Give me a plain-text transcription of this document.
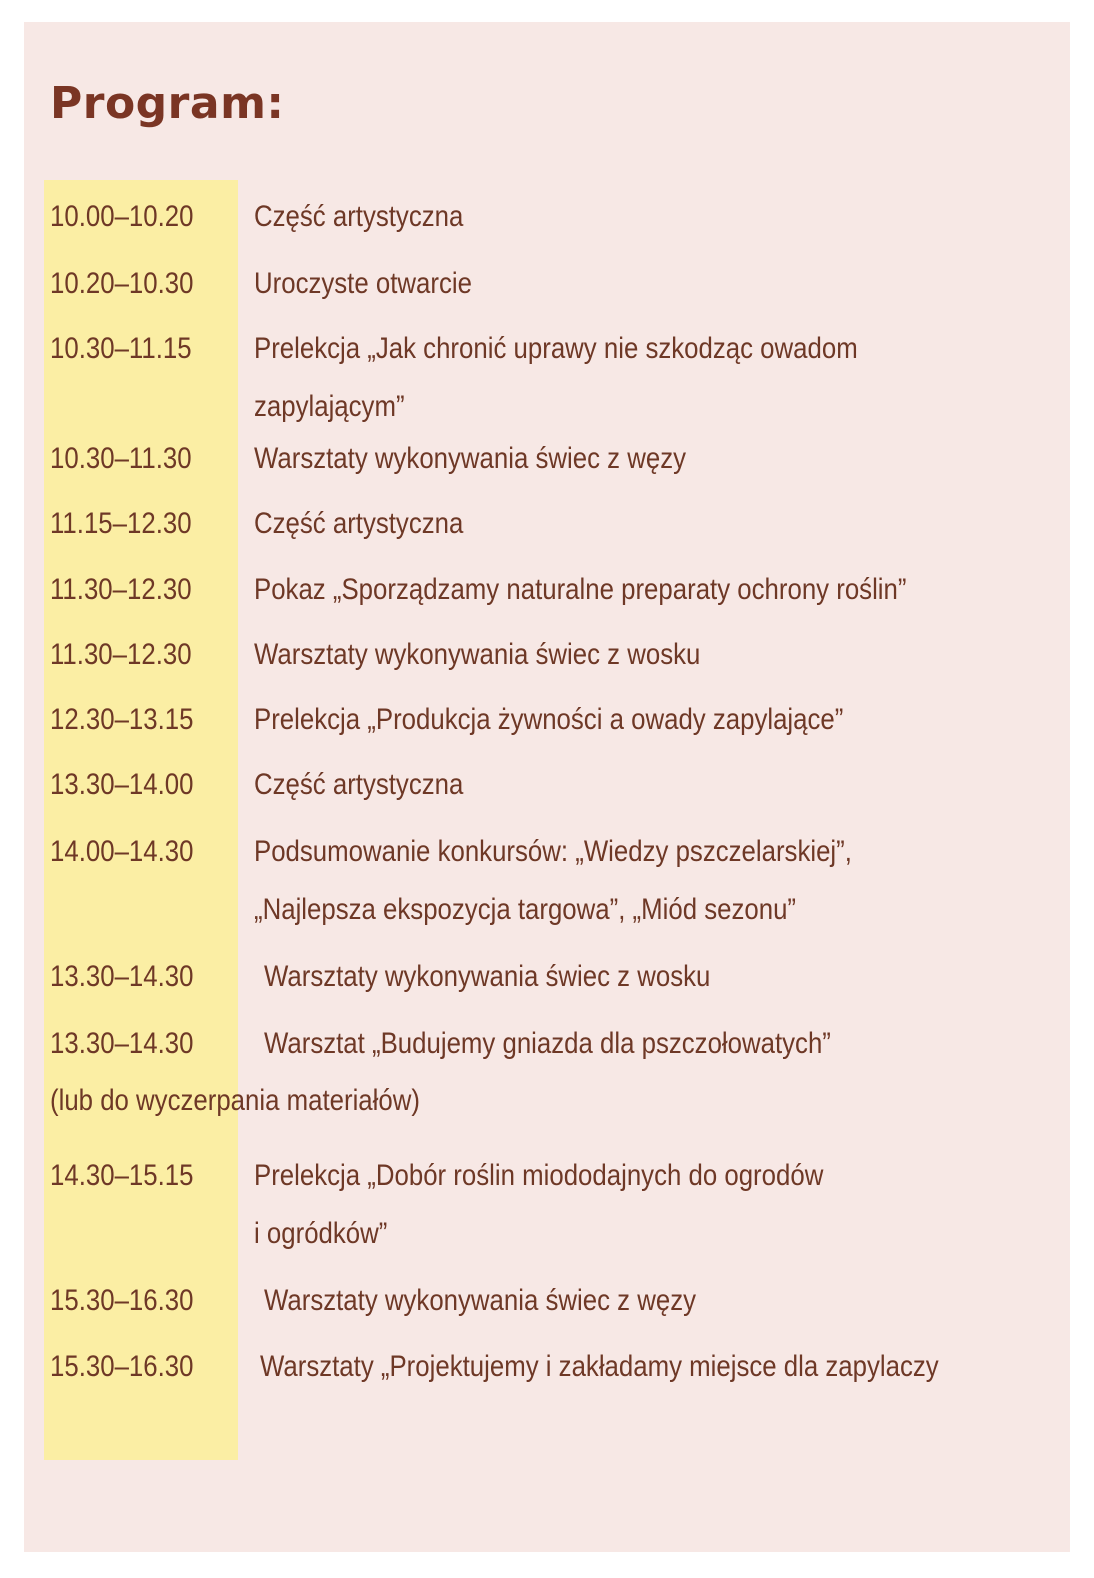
Program:
10.00–10.20 Część artystyczna
10.20–10.30 Uroczyste otwarcie
10.30–11.15 Prelekcja „Jak chronić uprawy nie szkodząc owadom
zapylającym”
10.30–11.30 Warsztaty wykonywania świec z węzy
11.15–12.30 Część artystyczna
11.30–12.30 Pokaz „Sporządzamy naturalne preparaty ochrony roślin”
11.30–12.30 Warsztaty wykonywania świec z wosku
12.30–13.15 Prelekcja „Produkcja żywności a owady zapylające”
13.30–14.00 Część artystyczna
14.00–14.30 Podsumowanie konkursów: „Wiedzy pszczelarskiej”,
„Najlepsza ekspozycja targowa”, „Miód sezonu”
13.30–14.30 Warsztaty wykonywania świec z wosku
13.30–14.30 Warsztat „Budujemy gniazda dla pszczołowatych”
(lub do wyczerpania materiałów)
14.30–15.15 Prelekcja „Dobór roślin miododajnych do ogrodów
i ogródków”
15.30–16.30 Warsztaty wykonywania świec z węzy
15.30–16.30 Warsztaty „Projektujemy i zakładamy miejsce dla zapylaczy
